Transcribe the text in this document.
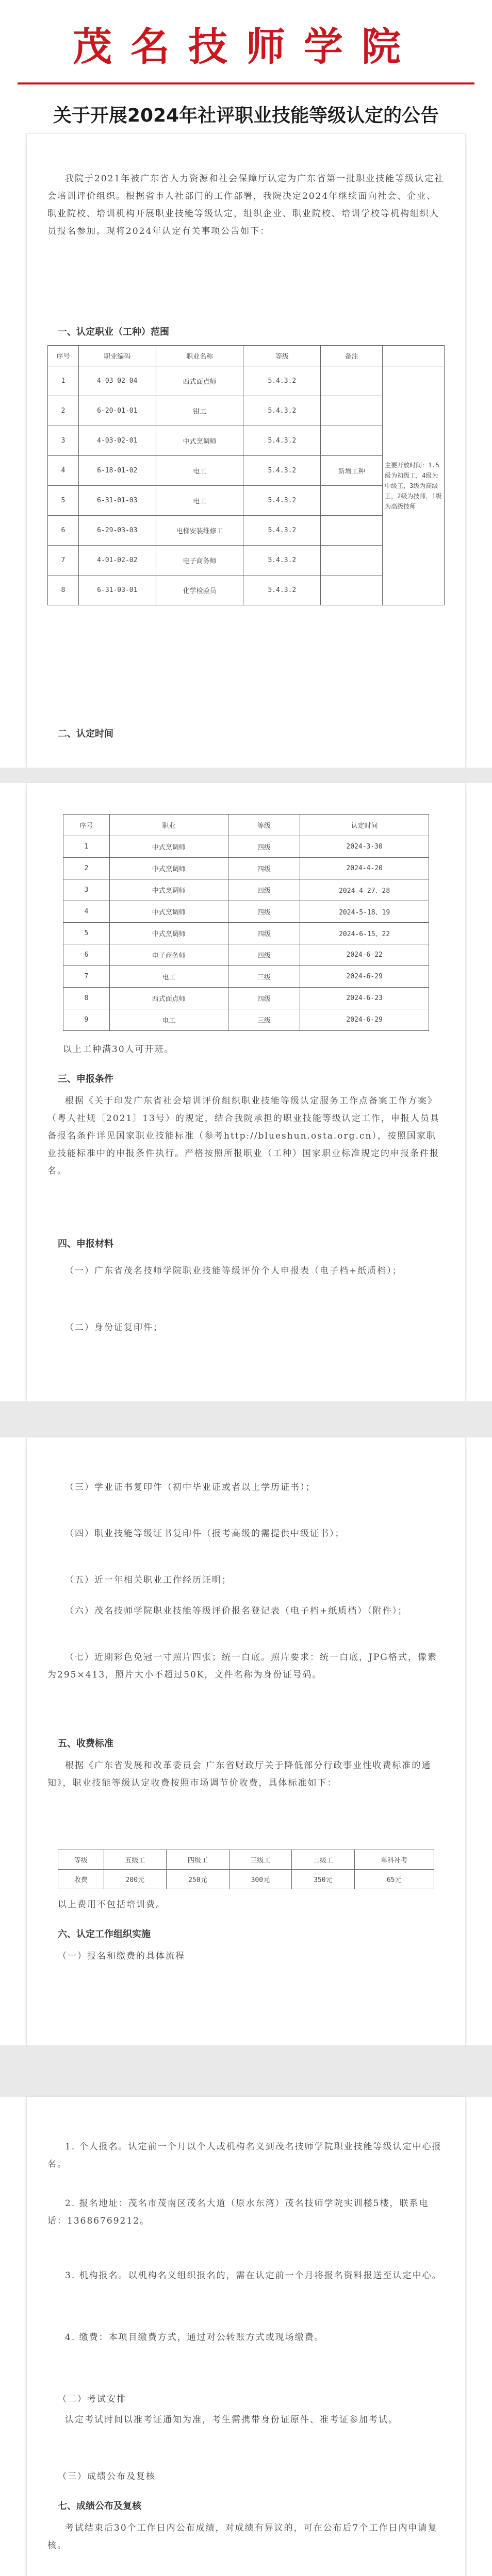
茂名技师学院
关于开展2024年社评职业技能等级认定的公告
我院于2021年被广东省人力资源和社会保障厅认定为广东省第一批职业技能等级认定社会培训评价组织。根据省市人社部门的工作部署，我院决定2024年继续面向社会、企业、职业院校、培训机构开展职业技能等级认定，组织企业、职业院校、培训学校等机构组织人员报名参加。现将2024年认定有关事项公告如下：
一、认定职业（工种）范围
序号	职业编码	职业名称	等级	备注	
1	4-03-02-04	西式面点师	5.4.3.2		主要开放时间：1.5级为初级工，4级为中级工，3级为高级工，2级为技师，1级为高级技师
2	6-20-01-01	钳工	5.4.3.2		
3	4-03-02-01	中式烹调师	5.4.3.2		
4	6-18-01-02	电工	5.4.3.2	新增工种	
5	6-31-01-03	电工	5.4.3.2		
6	6-29-03-03	电梯安装维修工	5.4.3.2		
7	4-01-02-02	电子商务师	5.4.3.2		
8	6-31-03-01	化学检验员	5.4.3.2		
二、认定时间
序号	职业	等级	认定时间
1	中式烹调师	四级	2024-3-30
2	中式烹调师	四级	2024-4-20
3	中式烹调师	四级	2024-4-27、28
4	中式烹调师	四级	2024-5-18、19
5	中式烹调师	四级	2024-6-15、22
6	电子商务师	四级	2024-6-22
7	电工	三级	2024-6-29
8	西式面点师	四级	2024-6-23
9	电工	三级	2024-6-29
以上工种满30人可开班。
三、申报条件
根据《关于印发广东省社会培训评价组织职业技能等级认定服务工作点备案工作方案》（粤人社规〔2021〕13号）的规定，结合我院承担的职业技能等级认定工作，申报人员具备报名条件详见国家职业技能标准（参考http://blueshun.osta.org.cn），按照国家职业技能标准中的申报条件执行。严格按照所报职业（工种）国家职业标准规定的申报条件报名。
四、申报材料
（一）广东省茂名技师学院职业技能等级评价个人申报表（电子档+纸质档）；
（二）身份证复印件；
（三）学业证书复印件（初中毕业证或者以上学历证书）；
（四）职业技能等级证书复印件（报考高级的需提供中级证书）；
（五）近一年相关职业工作经历证明；
（六）茂名技师学院职业技能等级评价报名登记表（电子档+纸质档）（附件）；
（七）近期彩色免冠一寸照片四张；统一白底。照片要求：统一白底，JPG格式，像素为295×413，照片大小不超过50K，文件名称为身份证号码。
五、收费标准
根据《广东省发展和改革委员会 广东省财政厅关于降低部分行政事业性收费标准的通知》，职业技能等级认定收费按照市场调节价收费，具体标准如下：
等级	五级工	四级工	三级工	二级工	单科补考
收费	200元	250元	300元	350元	65元
以上费用不包括培训费。
六、认定工作组织实施
（一）报名和缴费的具体流程
1. 个人报名。认定前一个月以个人或机构名义到茂名技师学院职业技能等级认定中心报名。
2. 报名地址：茂名市茂南区茂名大道（原水东湾）茂名技师学院实训楼5楼，联系电话：13686769212。
3. 机构报名。以机构名义组织报名的，需在认定前一个月将报名资料报送至认定中心。
4. 缴费：本项目缴费方式，通过对公转账方式或现场缴费。
（二）考试安排
认定考试时间以准考证通知为准，考生需携带身份证原件、准考证参加考试。
（三）成绩公布及复核
七、成绩公布及复核
考试结束后30个工作日内公布成绩，对成绩有异议的，可在公布后7个工作日内申请复核。
